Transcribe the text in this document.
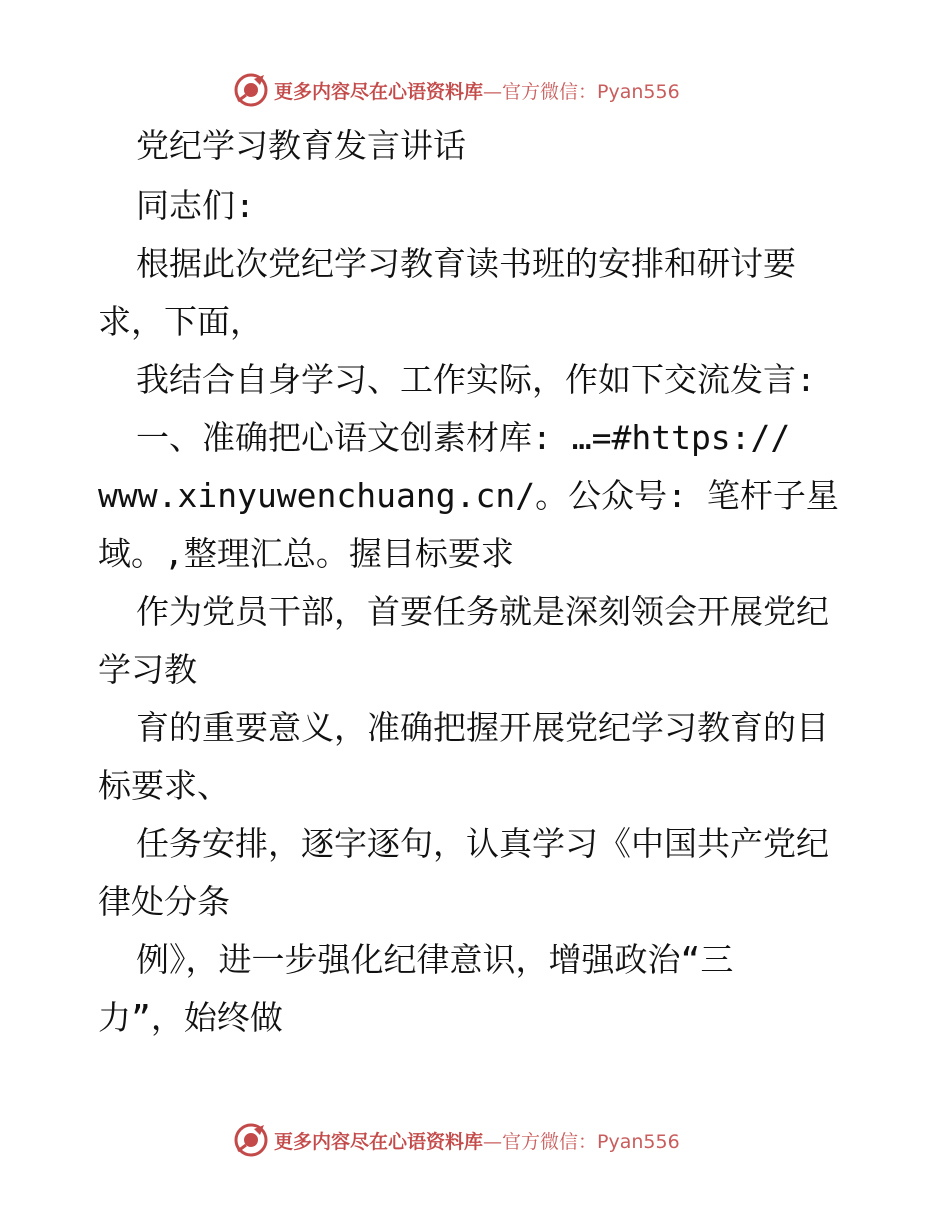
更多内容尽在心语资料库—官方微信：Pyan556
党纪学习教育发言讲话
同志们:
根据此次党纪学习教育读书班的安排和研讨要
求，下面，
我结合自身学习、工作实际，作如下交流发言:
一、准确把心语文创素材库: …=#https://
www.xinyuwenchuang.cn/。公众号: 笔杆子星
域。,整理汇总。握目标要求
作为党员干部，首要任务就是深刻领会开展党纪
学习教
育的重要意义，准确把握开展党纪学习教育的目
标要求、
任务安排，逐字逐句，认真学习《中国共产党纪
律处分条
例》，进一步强化纪律意识，增强政治“三
力”，始终做
更多内容尽在心语资料库—官方微信：Pyan556
